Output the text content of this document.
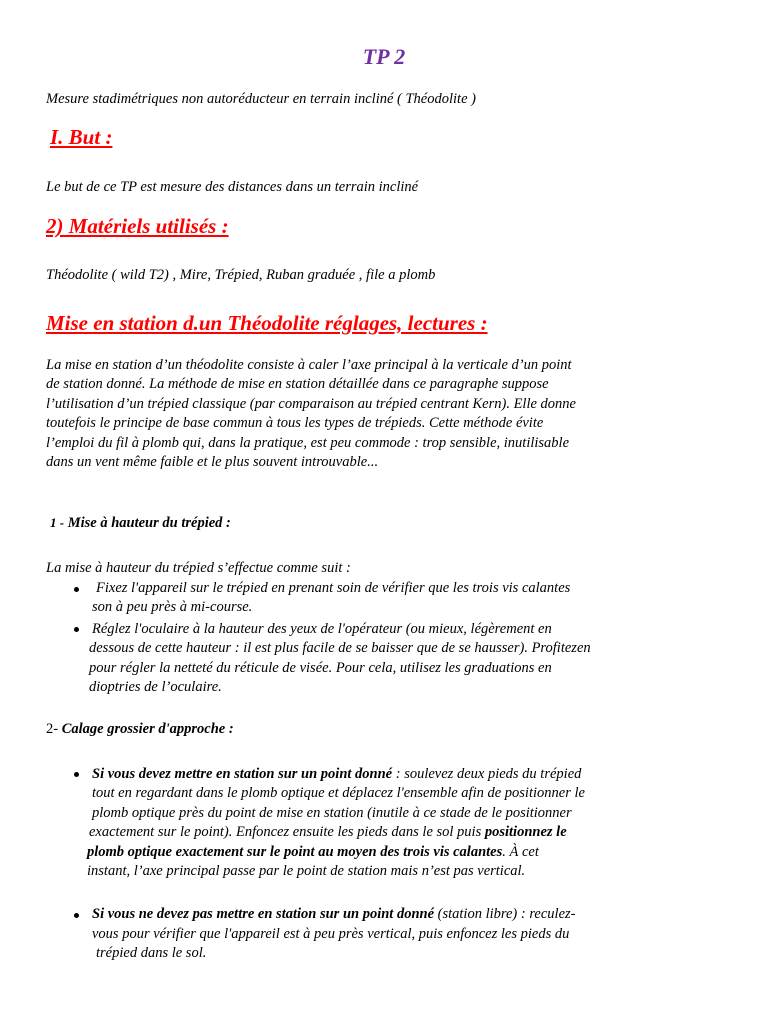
TP 2
Mesure stadimétriques non autoréducteur en terrain incliné ( Théodolite )
I. But :
Le but de ce TP est mesure des distances dans un terrain incliné
2) Matériels utilisés :
Théodolite ( wild T2) , Mire, Trépied, Ruban graduée , file a plomb
Mise en station d.un Théodolite réglages, lectures :
La mise en station d’un théodolite consiste à caler l’axe principal à la verticale d’un point
de station donné. La méthode de mise en station détaillée dans ce paragraphe suppose
l’utilisation d’un trépied classique (par comparaison au trépied centrant Kern). Elle donne
toutefois le principe de base commun à tous les types de trépieds. Cette méthode évite
l’emploi du fil à plomb qui, dans la pratique, est peu commode : trop sensible, inutilisable
dans un vent même faible et le plus souvent introuvable...
1 - Mise à hauteur du trépied :
La mise à hauteur du trépied s’effectue comme suit :
Fixez l'appareil sur le trépied en prenant soin de vérifier que les trois vis calantes
son à peu près à mi-course.
Réglez l'oculaire à la hauteur des yeux de l'opérateur (ou mieux, légèrement en
dessous de cette hauteur : il est plus facile de se baisser que de se hausser). Profitezen
pour régler la netteté du réticule de visée. Pour cela, utilisez les graduations en
dioptries de l’oculaire.
2- Calage grossier d'approche :
Si vous devez mettre en station sur un point donné : soulevez deux pieds du trépied
tout en regardant dans le plomb optique et déplacez l'ensemble afin de positionner le
plomb optique près du point de mise en station (inutile à ce stade de le positionner
exactement sur le point). Enfoncez ensuite les pieds dans le sol puis positionnez le
plomb optique exactement sur le point au moyen des trois vis calantes. À cet
instant, l’axe principal passe par le point de station mais n’est pas vertical.
Si vous ne devez pas mettre en station sur un point donné (station libre) : reculez-
vous pour vérifier que l'appareil est à peu près vertical, puis enfoncez les pieds du
trépied dans le sol.
